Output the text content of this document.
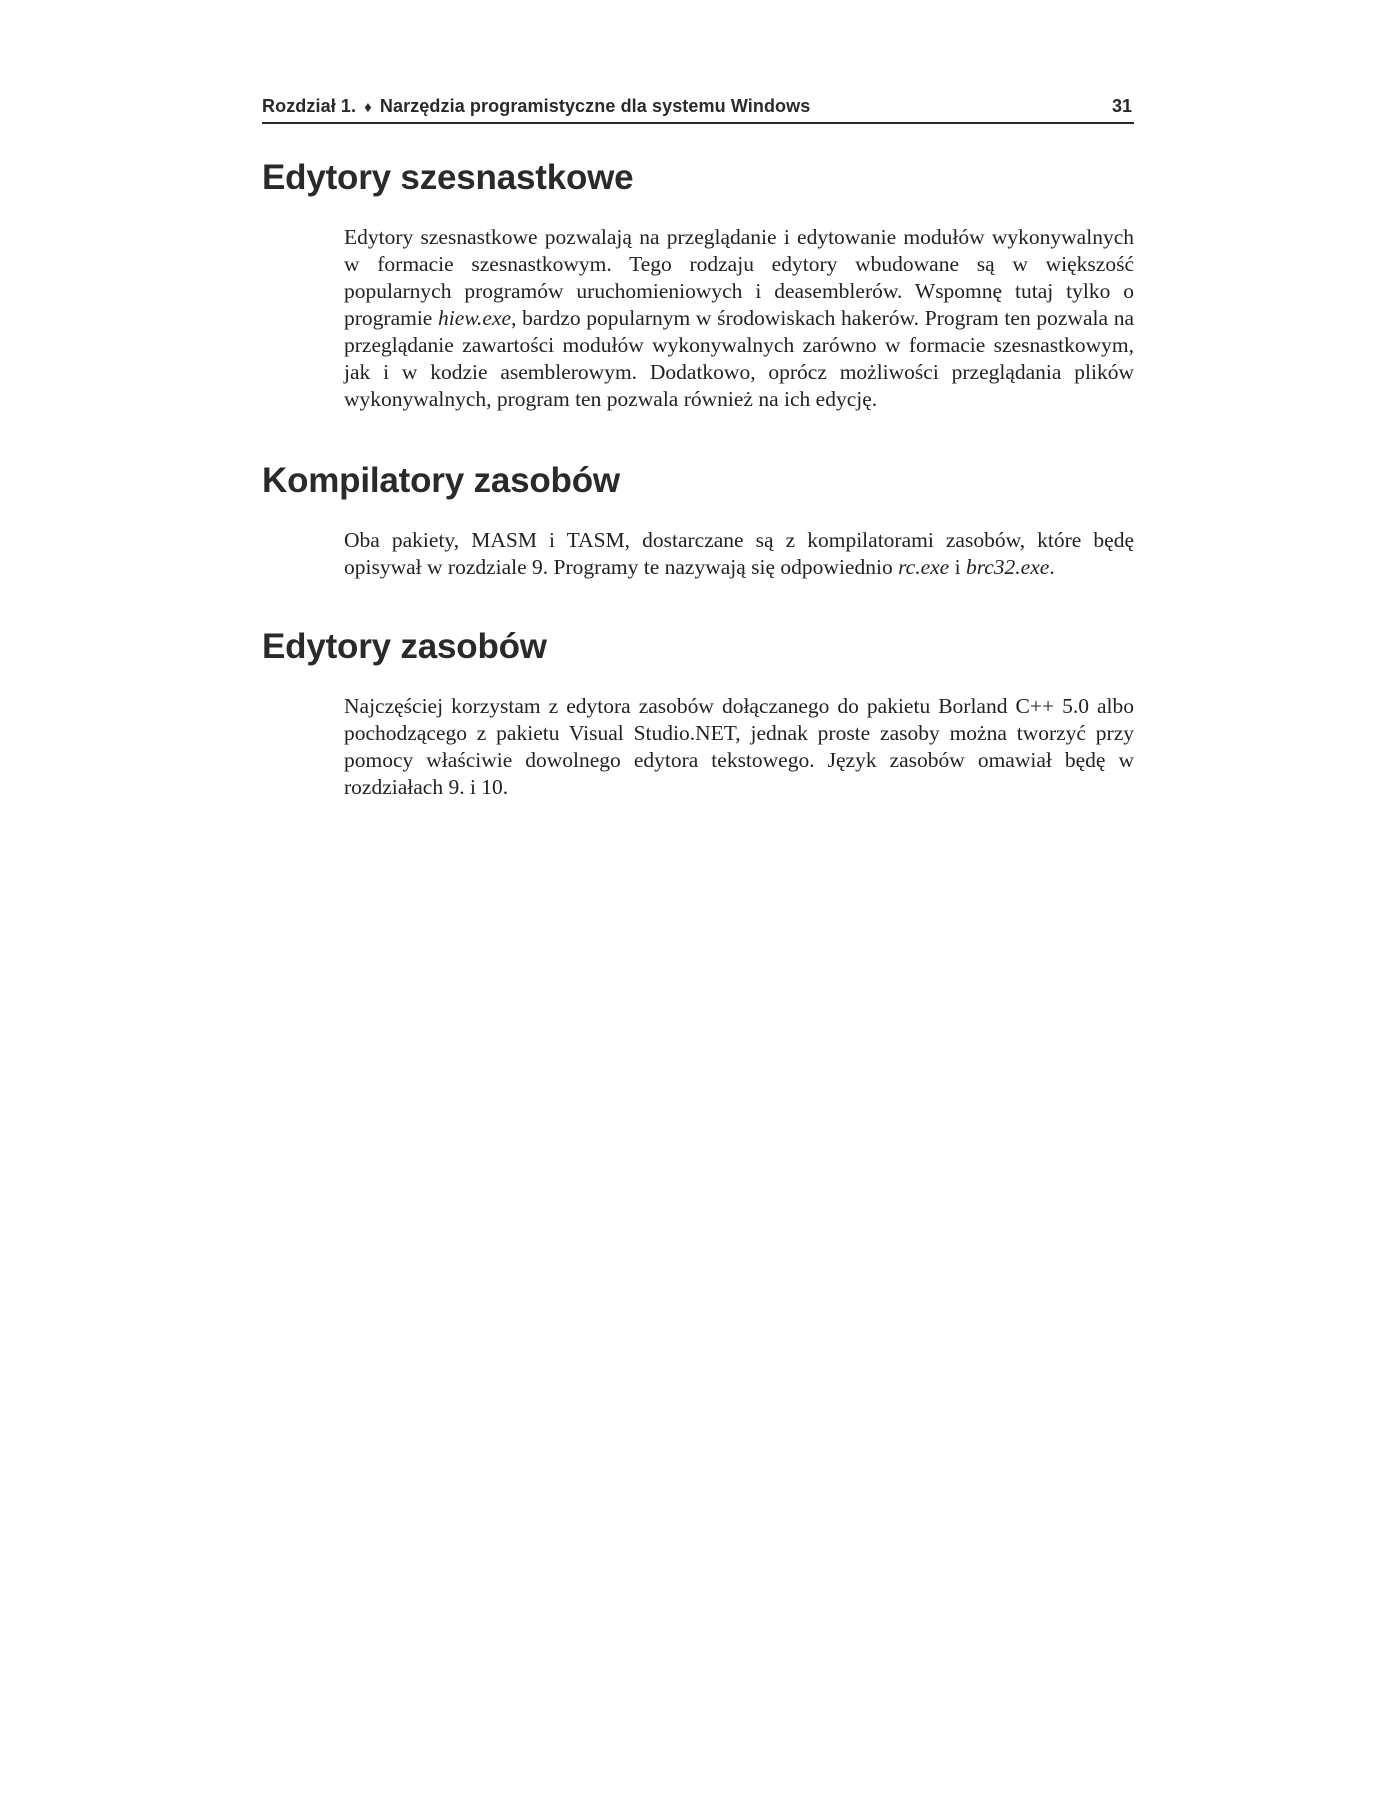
Rozdział 1. ♦ Narzędzia programistyczne dla systemu Windows	31
Edytory szesnastkowe

Edytory szesnastkowe pozwalają na przeglądanie i edytowanie modułów wykonywalnych w formacie szesnastkowym. Tego rodzaju edytory wbudowane są w większość popularnych programów uruchomieniowych i deasemblerów. Wspomnę tutaj tylko o programie hiew.exe, bardzo popularnym w środowiskach hakerów. Program ten pozwala na przeglądanie zawartości modułów wykonywalnych zarówno w formacie szesnastkowym, jak i w kodzie asemblerowym. Dodatkowo, oprócz możliwości przeglądania plików wykonywalnych, program ten pozwala również na ich edycję.

Kompilatory zasobów

Oba pakiety, MASM i TASM, dostarczane są z kompilatorami zasobów, które będę opisywał w rozdziale 9. Programy te nazywają się odpowiednio rc.exe i brc32.exe.

Edytory zasobów

Najczęściej korzystam z edytora zasobów dołączanego do pakietu Borland C++ 5.0 albo pochodzącego z pakietu Visual Studio.NET, jednak proste zasoby można tworzyć przy pomocy właściwie dowolnego edytora tekstowego. Język zasobów omawiał będę w rozdziałach 9. i 10.
